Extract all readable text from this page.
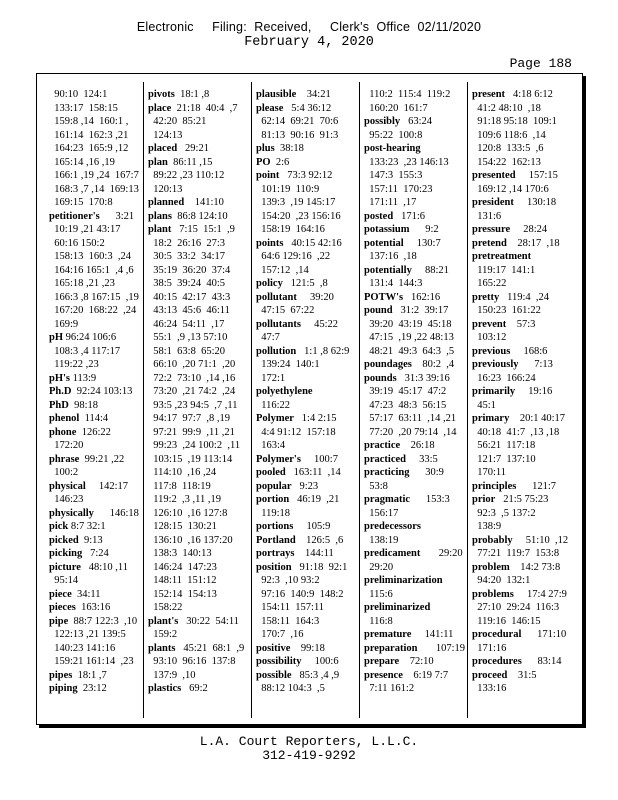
Electronic     Filing:  Received,     Clerk's  Office  02/11/2020
February 4, 2020
Page 188
90:10  124:1
133:17  158:15
159:8 ,14  160:1 ,
161:14  162:3 ,21
164:23  165:9 ,12
165:14 ,16 ,19
166:1 ,19 ,24  167:7
168:3 ,7 ,14  169:13
169:15  170:8
petitioner's      3:21
10:19 ,21 43:17
60:16 150:2
158:13  160:3  ,24
164:16 165:1  ,4 ,6
165:18 ,21 ,23
166:3 ,8 167:15  ,19
167:20  168:22  ,24
169:9
pH 96:24 106:6
108:3 ,4 117:17
119:22 ,23
pH's 113:9
Ph.D  92:24 103:13
PhD  98:18
phenol  114:4
phone  126:22
172:20
phrase  99:21 ,22
100:2
physical     142:17
146:23
physically      146:18
pick 8:7 32:1
picked  9:13
picking   7:24
picture   48:10 ,11
95:14
piece  34:11
pieces  163:16
pipe  88:7 122:3  ,10
122:13 ,21 139:5
140:23 141:16
159:21 161:14  ,23
pipes  18:1 ,7
piping  23:12
pivots  18:1 ,8
place  21:18  40:4  ,7
42:20  85:21
124:13
placed   29:21
plan  86:11 ,15
89:22 ,23 110:12
120:13
planned    141:10
plans  86:8 124:10
plant   7:15  15:1  ,9
18:2  26:16  27:3
30:5  33:2  34:17
35:19  36:20  37:4
38:5  39:24  40:5
40:15  42:17  43:3
43:13  45:6  46:11
46:24  54:11  ,17
55:1  ,9 ,13 57:10
58:1  63:8  65:20
66:10  ,20 71:1  ,20
72:2  73:10  ,14 ,16
73:20  ,21 74:2  ,24
93:5 ,23 94:5  ,7 ,11
94:17  97:7  ,8 ,19
97:21  99:9  ,11 ,21
99:23  ,24 100:2  ,11
103:15  ,19 113:14
114:10  ,16 ,24
117:8  118:19
119:2  ,3 ,11 ,19
126:10  ,16 127:8
128:15  130:21
136:10  ,16 137:20
138:3  140:13
146:24  147:23
148:11  151:12
152:14  154:13
158:22
plant's   30:22  54:11
159:2
plants   45:21  68:1  ,9
93:10  96:16  137:8
137:9  ,10
plastics   69:2
plausible    34:21
please   5:4 36:12
62:14  69:21  70:6
81:13  90:16  91:3
plus  38:18
PO  2:6
point   73:3 92:12
101:19  110:9
139:3  ,19 145:17
154:20  ,23 156:16
158:19  164:16
points   40:15 42:16
64:6 129:16  ,22
157:12  ,14
policy   121:5  ,8
pollutant     39:20
47:15  67:22
pollutants     45:22
47:7
pollution   1:1 ,8 62:9
139:24  140:1
172:1
polyethylene
116:22
Polymer   1:4 2:15
4:4 91:12  157:18
163:4
Polymer's     100:7
pooled   163:11  ,14
popular   9:23
portion   46:19  ,21
119:18
portions     105:9
Portland    126:5  ,6
portrays    144:11
position   91:18  92:1
92:3  ,10 93:2
97:16  140:9  148:2
154:11  157:11
158:11  164:3
170:7  ,16
positive    99:18
possibility     100:6
possible   85:3 ,4 ,9
88:12 104:3  ,5
110:2  115:4  119:2
160:20  161:7
possibly   63:24
95:22  100:8
post-hearing
133:23  ,23 146:13
147:3  155:3
157:11  170:23
171:11  ,17
posted   171:6
potassium      9:2
potential     130:7
137:16  ,18
potentially     88:21
131:4  144:3
POTW's   162:16
pound   31:2  39:17
39:20  43:19  45:18
47:15  ,19 ,22 48:13
48:21  49:3  64:3  ,5
poundages    80:2  ,4
pounds   31:3 39:16
39:19  45:17  47:2
47:23  48:3  56:15
57:17  63:11  ,14 ,21
77:20  ,20 79:14  ,14
practice    26:18
practiced     33:5
practicing      30:9
53:8
pragmatic      153:3
156:17
predecessors
138:19
predicament       29:20
29:20
preliminarization
115:6
preliminarized
116:8
premature     141:11
preparation       107:19
prepare    72:10
presence    6:19 7:7
7:11 161:2
present   4:18 6:12
41:2 48:10  ,18
91:18 95:18  109:1
109:6 118:6  ,14
120:8  133:5  ,6
154:22  162:13
presented     157:15
169:12 ,14 170:6
president     130:18
131:6
pressure     28:24
pretend    28:17  ,18
pretreatment
119:17  141:1
165:22
pretty   119:4  ,24
150:23  161:22
prevent    57:3
103:12
previous     168:6
previously      7:13
16:23  166:24
primarily     19:16
45:1
primary    20:1 40:17
40:18  41:7  ,13 ,18
56:21  117:18
121:7  137:10
170:11
principles      121:7
prior   21:5 75:23
92:3  ,5 137:2
138:9
probably     51:10  ,12
77:21  119:7  153:8
problem    14:2 73:8
94:20  132:1
problems     17:4 27:9
27:10  29:24  116:3
119:16  146:15
procedural      171:10
171:16
procedures      83:14
proceed    31:5
133:16
L.A. Court Reporters, L.L.C.
312-419-9292
